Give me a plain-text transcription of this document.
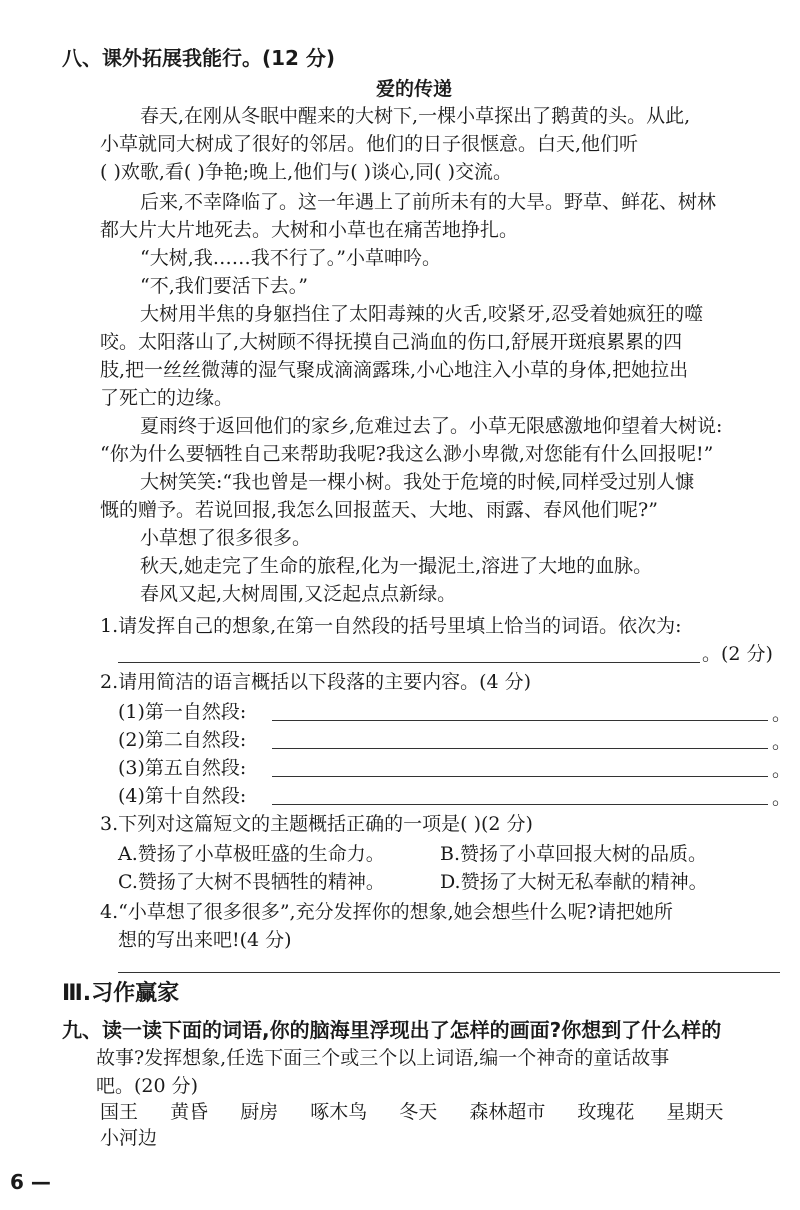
八、课外拓展我能行。(12 分)
爱的传递
春天,在刚从冬眠中醒来的大树下,一棵小草探出了鹅黄的头。从此,
小草就同大树成了很好的邻居。他们的日子很惬意。白天,他们听
( )欢歌,看( )争艳;晚上,他们与( )谈心,同( )交流。
后来,不幸降临了。这一年遇上了前所未有的大旱。野草、鲜花、树林
都大片大片地死去。大树和小草也在痛苦地挣扎。
“大树,我……我不行了。”小草呻吟。
“不,我们要活下去。”
大树用半焦的身躯挡住了太阳毒辣的火舌,咬紧牙,忍受着她疯狂的噬
咬。太阳落山了,大树顾不得抚摸自己淌血的伤口,舒展开斑痕累累的四
肢,把一丝丝微薄的湿气聚成滴滴露珠,小心地注入小草的身体,把她拉出
了死亡的边缘。
夏雨终于返回他们的家乡,危难过去了。小草无限感激地仰望着大树说:
“你为什么要牺牲自己来帮助我呢?我这么渺小卑微,对您能有什么回报呢!”
大树笑笑:“我也曾是一棵小树。我处于危境的时候,同样受过别人慷
慨的赠予。若说回报,我怎么回报蓝天、大地、雨露、春风他们呢?”
小草想了很多很多。
秋天,她走完了生命的旅程,化为一撮泥土,溶进了大地的血脉。
春风又起,大树周围,又泛起点点新绿。
1.请发挥自己的想象,在第一自然段的括号里填上恰当的词语。依次为:
。(2 分)
2.请用简洁的语言概括以下段落的主要内容。(4 分)
(1)第一自然段:	。
(2)第二自然段:	。
(3)第五自然段:	。
(4)第十自然段:	。
3.下列对这篇短文的主题概括正确的一项是( )(2 分)
A.赞扬了小草极旺盛的生命力。	B.赞扬了小草回报大树的品质。
C.赞扬了大树不畏牺牲的精神。	D.赞扬了大树无私奉献的精神。
4.“小草想了很多很多”,充分发挥你的想象,她会想些什么呢?请把她所
想的写出来吧!(4 分)
Ⅲ.习作赢家
九、读一读下面的词语,你的脑海里浮现出了怎样的画面?你想到了什么样的
故事?发挥想象,任选下面三个或三个以上词语,编一个神奇的童话故事
吧。(20 分)
国王 黄昏 厨房 啄木鸟 冬天 森林超市 玫瑰花 星期天
小河边
6 —
